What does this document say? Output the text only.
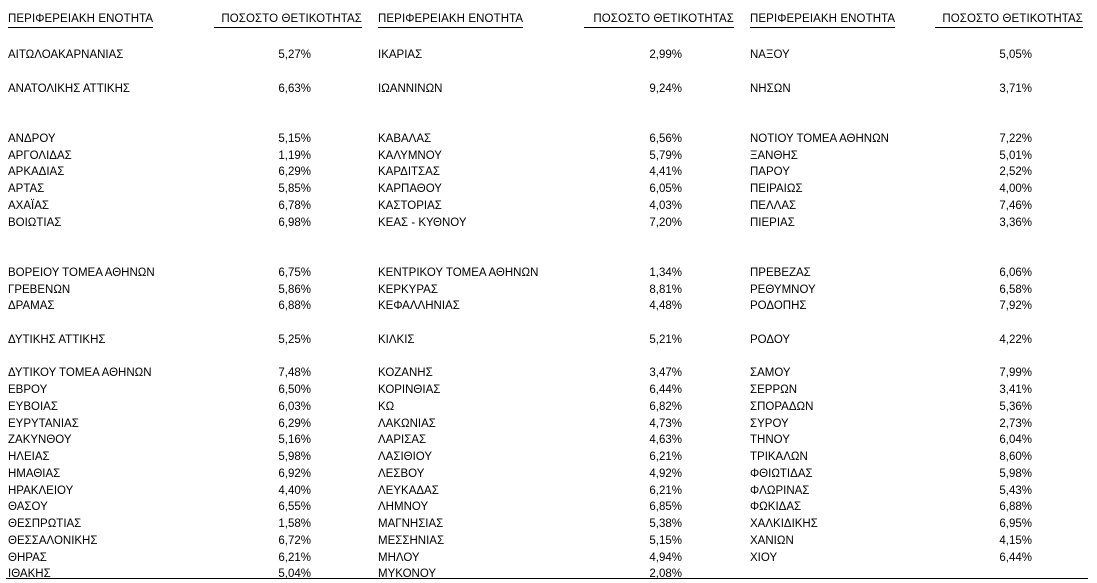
ΠΕΡΙΦΕΡΕΙΑΚΗ ΕΝΟΤΗΤΑ	ΠΟΣΟΣΤΟ ΘΕΤΙΚΟΤΗΤΑΣ ΠΕΡΙΦΕΡΕΙΑΚΗ ΕΝΟΤΗΤΑ	ΠΟΣΟΣΤΟ ΘΕΤΙΚΟΤΗΤΑΣ ΠΕΡΙΦΕΡΕΙΑΚΗ ΕΝΟΤΗΤΑ	ΠΟΣΟΣΤΟ ΘΕΤΙΚΟΤΗΤΑΣ
ΑΙΤΩΛΟΑΚΑΡΝΑΝΙΑΣ	5,27%
ΑΝΑΤΟΛΙΚΗΣ ΑΤΤΙΚΗΣ	6,63%
ΑΝΔΡΟΥ	5,15%
ΑΡΓΟΛΙΔΑΣ	1,19%
ΑΡΚΑΔΙΑΣ	6,29%
ΑΡΤΑΣ	5,85%
ΑΧΑΪΑΣ	6,78%
ΒΟΙΩΤΙΑΣ	6,98%
ΒΟΡΕΙΟΥ ΤΟΜΕΑ ΑΘΗΝΩΝ	6,75%
ΓΡΕΒΕΝΩΝ	5,86%
ΔΡΑΜΑΣ	6,88%
ΔΥΤΙΚΗΣ ΑΤΤΙΚΗΣ	5,25%
ΔΥΤΙΚΟΥ ΤΟΜΕΑ ΑΘΗΝΩΝ	7,48%
ΕΒΡΟΥ	6,50%
ΕΥΒΟΙΑΣ	6,03%
ΕΥΡΥΤΑΝΙΑΣ	6,29%
ΖΑΚΥΝΘΟΥ	5,16%
ΗΛΕΙΑΣ	5,98%
ΗΜΑΘΙΑΣ	6,92%
ΗΡΑΚΛΕΙΟΥ	4,40%
ΘΑΣΟΥ	6,55%
ΘΕΣΠΡΩΤΙΑΣ	1,58%
ΘΕΣΣΑΛΟΝΙΚΗΣ	6,72%
ΘΗΡΑΣ	6,21%
ΙΘΑΚΗΣ	5,04%
ΙΚΑΡΙΑΣ	2,99%
ΙΩΑΝΝΙΝΩΝ	9,24%
ΚΑΒΑΛΑΣ	6,56%
ΚΑΛΥΜΝΟΥ	5,79%
ΚΑΡΔΙΤΣΑΣ	4,41%
ΚΑΡΠΑΘΟΥ	6,05%
ΚΑΣΤΟΡΙΑΣ	4,03%
ΚΕΑΣ - ΚΥΘΝΟΥ	7,20%
ΚΕΝΤΡΙΚΟΥ ΤΟΜΕΑ ΑΘΗΝΩΝ	1,34%
ΚΕΡΚΥΡΑΣ	8,81%
ΚΕΦΑΛΛΗΝΙΑΣ	4,48%
ΚΙΛΚΙΣ	5,21%
ΚΟΖΑΝΗΣ	3,47%
ΚΟΡΙΝΘΙΑΣ	6,44%
ΚΩ	6,82%
ΛΑΚΩΝΙΑΣ	4,73%
ΛΑΡΙΣΑΣ	4,63%
ΛΑΣΙΘΙΟΥ	6,21%
ΛΕΣΒΟΥ	4,92%
ΛΕΥΚΑΔΑΣ	6,21%
ΛΗΜΝΟΥ	6,85%
ΜΑΓΝΗΣΙΑΣ	5,38%
ΜΕΣΣΗΝΙΑΣ	5,15%
ΜΗΛΟΥ	4,94%
ΜΥΚΟΝΟΥ	2,08%
ΝΑΞΟΥ	5,05%
ΝΗΣΩΝ	3,71%
ΝΟΤΙΟΥ ΤΟΜΕΑ ΑΘΗΝΩΝ	7,22%
ΞΑΝΘΗΣ	5,01%
ΠΑΡΟΥ	2,52%
ΠΕΙΡΑΙΩΣ	4,00%
ΠΕΛΛΑΣ	7,46%
ΠΙΕΡΙΑΣ	3,36%
ΠΡΕΒΕΖΑΣ	6,06%
ΡΕΘΥΜΝΟΥ	6,58%
ΡΟΔΟΠΗΣ	7,92%
ΡΟΔΟΥ	4,22%
ΣΑΜΟΥ	7,99%
ΣΕΡΡΩΝ	3,41%
ΣΠΟΡΑΔΩΝ	5,36%
ΣΥΡΟΥ	2,73%
ΤΗΝΟΥ	6,04%
ΤΡΙΚΑΛΩΝ	8,60%
ΦΘΙΩΤΙΔΑΣ	5,98%
ΦΛΩΡΙΝΑΣ	5,43%
ΦΩΚΙΔΑΣ	6,88%
ΧΑΛΚΙΔΙΚΗΣ	6,95%
ΧΑΝΙΩΝ	4,15%
ΧΙΟΥ	6,44%
